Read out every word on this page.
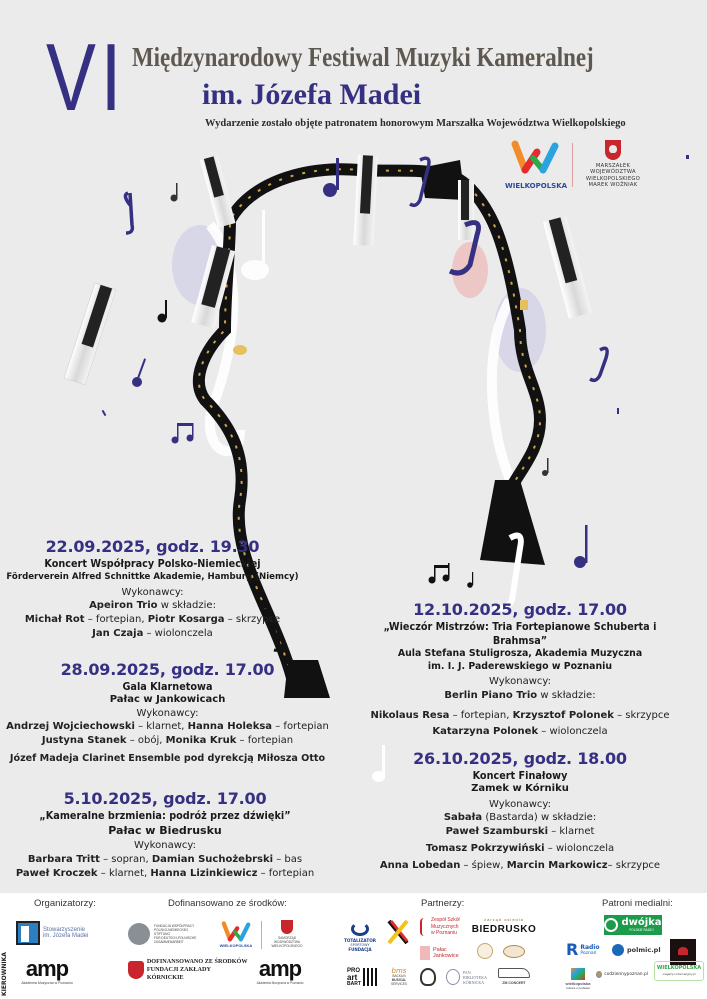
VI Międzynarodowy Festiwal Muzyki Kameralnej
im. Józefa Madei
Wydarzenie zostało objęte patronatem honorowym Marszałka Województwa Wielkopolskiego
WIELKOPOLSKA
MARSZAŁEK
WOJEWÓDZTWA
WIELKOPOLSKIEGO
MAREK WOŹNIAK
22.09.2025, godz. 19.30
Koncert Współpracy Polsko-Niemieckiej
Förderverein Alfred Schnittke Akademie, Hamburg (Niemcy)
Wykonawcy:
Apeiron Trio w składzie:
Michał Rot – fortepian, Piotr Kosarga – skrzypce
Jan Czaja – wiolonczela
28.09.2025, godz. 17.00
Gala Klarnetowa
Pałac w Jankowicach
Wykonawcy:
Andrzej Wojciechowski – klarnet, Hanna Holeksa – fortepian
Justyna Stanek – obój, Monika Kruk – fortepian
Józef Madeja Clarinet Ensemble pod dyrekcją Miłosza Otto
5.10.2025, godz. 17.00
„Kameralne brzmienia: podróż przez dźwięki”
Pałac w Biedrusku
Wykonawcy:
Barbara Tritt – sopran, Damian Suchożebrski – bas
Paweł Kroczek – klarnet, Hanna Lizinkiewicz – fortepian
12.10.2025, godz. 17.00
„Wieczór Mistrzów: Tria Fortepianowe Schuberta i Brahmsa”
Aula Stefana Stuligrosza, Akademia Muzyczna
im. I. J. Paderewskiego w Poznaniu
Wykonawcy:
Berlin Piano Trio w składzie:
Nikolaus Resa – fortepian, Krzysztof Polonek – skrzypce
Katarzyna Polonek – wiolonczela
26.10.2025, godz. 18.00
Koncert Finałowy
Zamek w Kórniku
Wykonawcy:
Sabała (Bastarda) w składzie:
Paweł Szamburski – klarnet
Tomasz Pokrzywiński – wiolonczela
Anna Lobedan – śpiew, Marcin Markowicz– skrzypce
Organizatorzy:	Dofinansowano ze środków:	Partnerzy:	Patroni medialni:
Stowarzyszenie
im. Józefa Madei
amp
Akademia Muzyczna w Poznaniu
FUNDACJA WSPÓŁPRACY
POLSKO-NIEMIECKIEJ
STIFTUNG
FÜR DEUTSCH-POLNISCHE
ZUSAMMENARBEIT
WIELKOPOLSKA
SAMORZĄD
WOJEWÓDZTWA
WIELKOPOLSKIEGO
DOFINANSOWANO ZE ŚRODKÓW
FUNDACJI ZAKŁADY KÓRNICKIE	amp
Akademia Muzyczna w Poznaniu
TOTALIZATOR
SPORTOWY
FUNDACJA
Zespół Szkół
Muzycznych
w Poznaniu
zarząd osiedla
BIEDRUSKO
Pałac
Jankowice
PRO
art
BART
bms
BACKUN
MUSICAL
SERVICES
PAN
BIBLIOTEKA
KÓRNICKA	ZM CONCERT
dwójka
POLSKIE RADIO
R Radio
Poznań	polmic.pl
wielkopolska
kultura u podstaw
codziennypoznan.pl
WIELKOPOLSKA
magazyn informacyjny.pl
KIEROWNIKA
